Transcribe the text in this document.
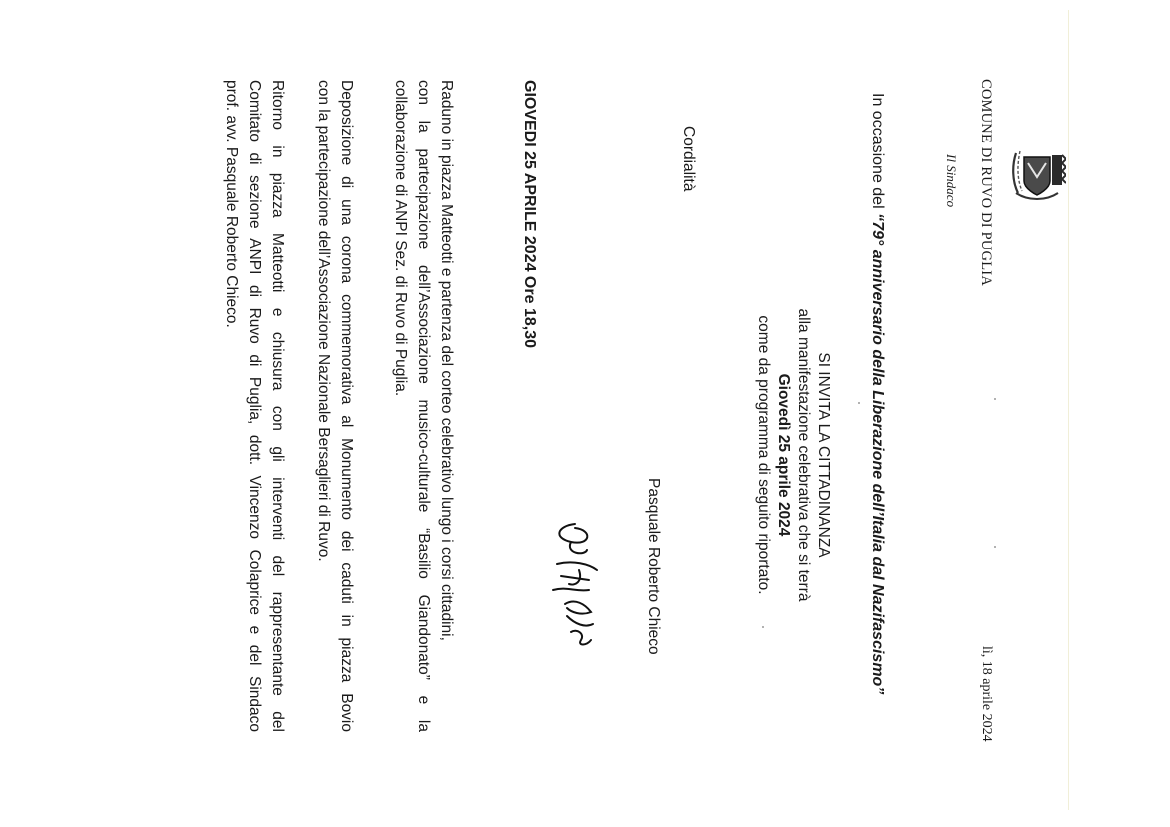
COMUNE DI RUVO DI PUGLIA
Il Sindaco
lì, 18 aprile 2024
In occasione del “79° anniversario della Liberazione dell’Italia dal Nazifascismo”
SI INVITA LA CITTADINANZA
alla manifestazione celebrativa che si terrà
Giovedì 25 aprile 2024
come da programma di seguito riportato.
Cordialità
Pasquale Roberto Chieco
GIOVEDI 25 APRILE 2024 Ore 18,30
Raduno in piazza Matteotti e partenza del corteo celebrativo lungo i corsi cittadini,
con la partecipazione dell’Associazione musico-culturale “Basilio Giandonato” e la
collaborazione di ANPI Sez. di Ruvo di Puglia.
Deposizione di una corona commemorativa al Monumento dei caduti in piazza Bovio
con la partecipazione dell’Associazione Nazionale Bersaglieri di Ruvo.
Ritorno in piazza Matteotti e chiusura con gli interventi del rappresentante del
Comitato di sezione ANPI di Ruvo di Puglia, dott. Vincenzo Colaprice e del Sindaco
prof. avv. Pasquale Roberto Chieco.
